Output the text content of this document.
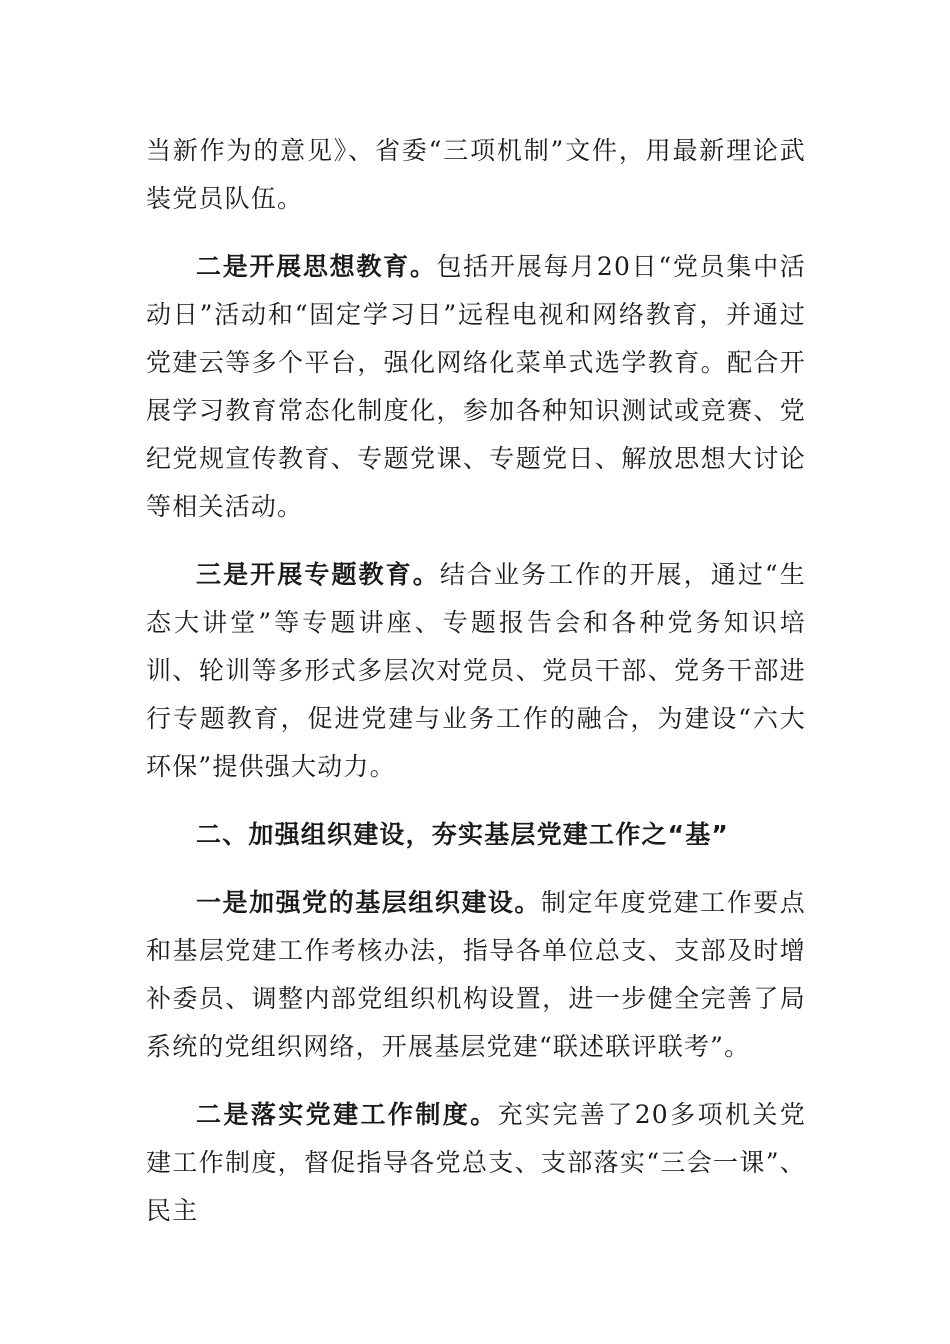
当新作为的意见》、省委“三项机制”文件，用最新理论武装党员队伍。

二是开展思想教育。包括开展每月20日“党员集中活动日”活动和“固定学习日”远程电视和网络教育，并通过党建云等多个平台，强化网络化菜单式选学教育。配合开展学习教育常态化制度化，参加各种知识测试或竞赛、党纪党规宣传教育、专题党课、专题党日、解放思想大讨论等相关活动。

三是开展专题教育。结合业务工作的开展，通过“生态大讲堂”等专题讲座、专题报告会和各种党务知识培训、轮训等多形式多层次对党员、党员干部、党务干部进行专题教育，促进党建与业务工作的融合，为建设“六大环保”提供强大动力。

二、加强组织建设，夯实基层党建工作之“基”

一是加强党的基层组织建设。制定年度党建工作要点和基层党建工作考核办法，指导各单位总支、支部及时增补委员、调整内部党组织机构设置，进一步健全完善了局系统的党组织网络，开展基层党建“联述联评联考”。

二是落实党建工作制度。充实完善了20多项机关党建工作制度，督促指导各党总支、支部落实“三会一课”、民主
